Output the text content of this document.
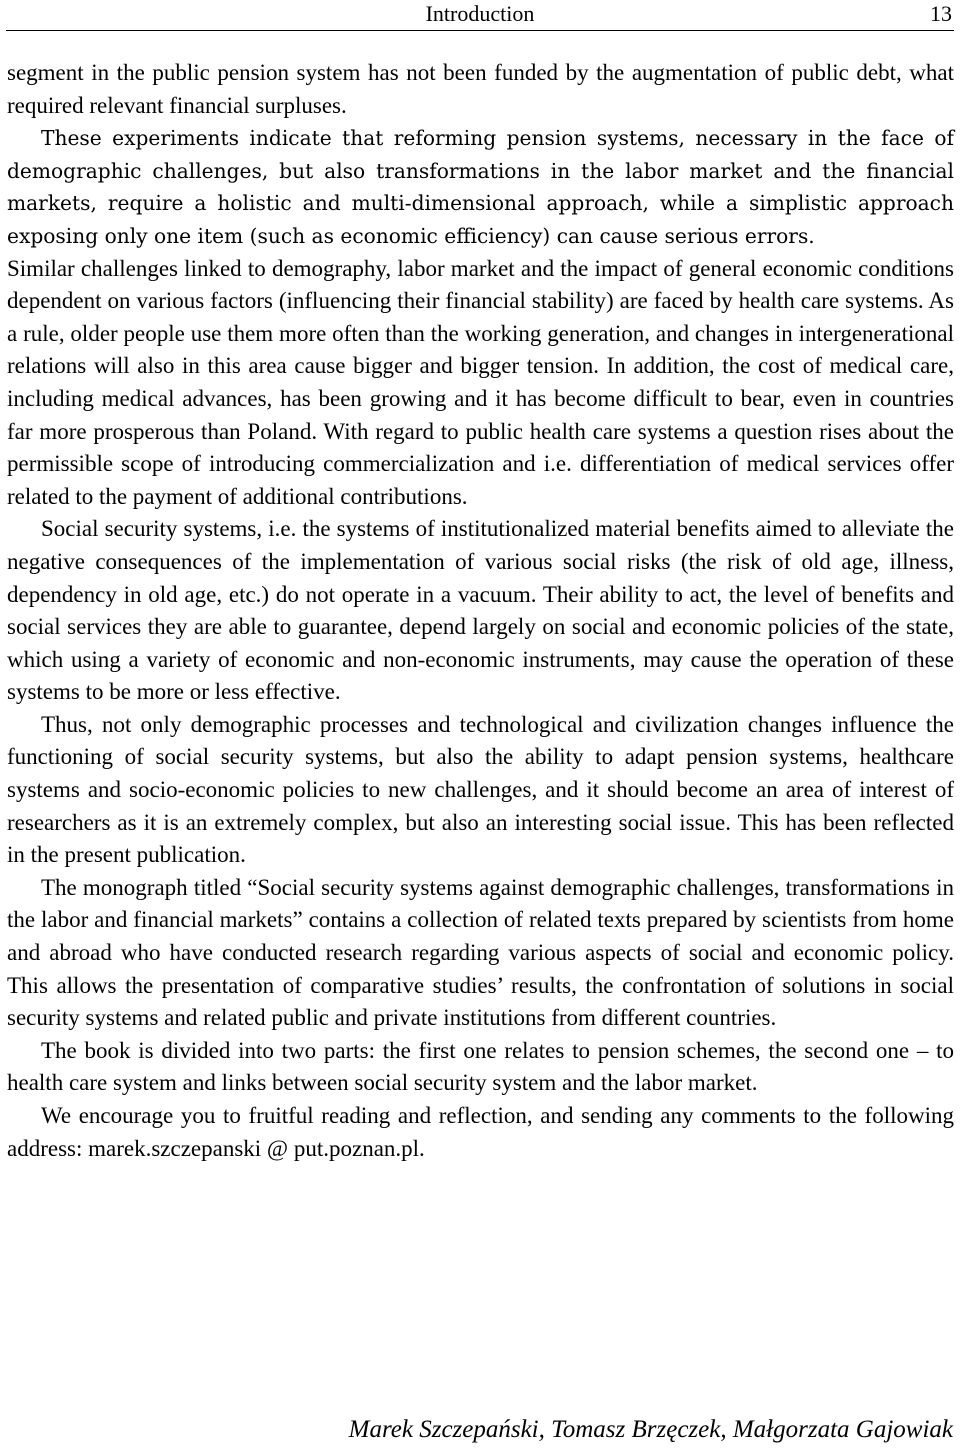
Introduction	13

segment in the public pension system has not been funded by the augmentation of public debt, what required relevant financial surpluses.

These experiments indicate that reforming pension systems, necessary in the face of demographic challenges, but also transformations in the labor market and the financial markets, require a holistic and multi-dimensional approach, while a simplistic approach exposing only one item (such as economic efficiency) can cause serious errors.

Similar challenges linked to demography, labor market and the impact of general economic conditions dependent on various factors (influencing their financial stability) are faced by health care systems. As a rule, older people use them more often than the working generation, and changes in intergenerational relations will also in this area cause bigger and bigger tension. In addition, the cost of medical care, including medical advances, has been growing and it has become difficult to bear, even in countries far more prosperous than Poland. With regard to public health care systems a question rises about the permissible scope of introducing commercialization and i.e. differentiation of medical services offer related to the payment of additional contributions.

Social security systems, i.e. the systems of institutionalized material benefits aimed to alleviate the negative consequences of the implementation of various social risks (the risk of old age, illness, dependency in old age, etc.) do not operate in a vacuum. Their ability to act, the level of benefits and social services they are able to guarantee, depend largely on social and economic policies of the state, which using a variety of economic and non-economic instruments, may cause the operation of these systems to be more or less effective.

Thus, not only demographic processes and technological and civilization changes influence the functioning of social security systems, but also the ability to adapt pension systems, healthcare systems and socio-economic policies to new challenges, and it should become an area of interest of researchers as it is an extremely complex, but also an interesting social issue. This has been reflected in the present publication.

The monograph titled “Social security systems against demographic challenges, transformations in the labor and financial markets” contains a collection of related texts prepared by scientists from home and abroad who have conducted research regarding various aspects of social and economic policy. This allows the presentation of comparative studies’ results, the confrontation of solutions in social security systems and related public and private institutions from different countries.

The book is divided into two parts: the first one relates to pension schemes, the second one – to health care system and links between social security system and the labor market.

We encourage you to fruitful reading and reflection, and sending any comments to the following address: marek.szczepanski @ put.poznan.pl.

Marek Szczepański, Tomasz Brzęczek, Małgorzata Gajowiak
